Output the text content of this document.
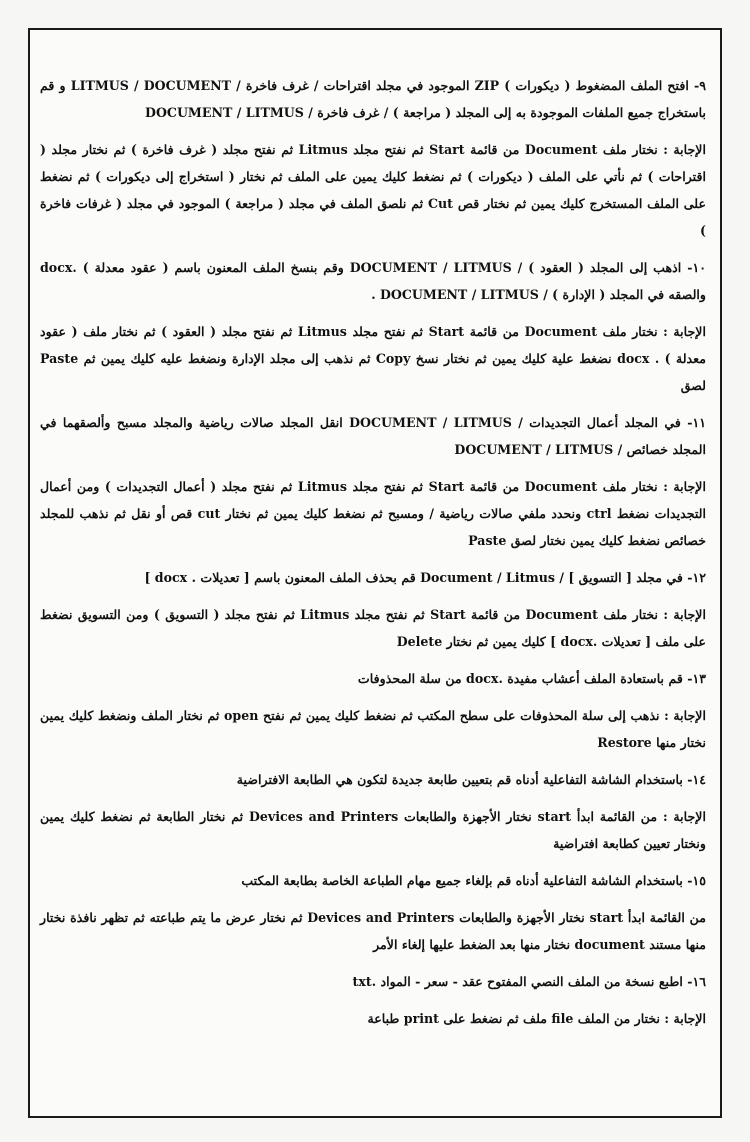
٩- افتح الملف المضغوط ( ديكورات ) ZIP الموجود في مجلد اقتراحات / غرف فاخرة / LITMUS / DOCUMENT و قم باستخراج جميع الملفات الموجودة به إلى المجلد ( مراجعة ) / غرف فاخرة / DOCUMENT / LITMUS
الإجابة : نختار ملف Document من قائمة Start ثم نفتح مجلد Litmus ثم نفتح مجلد ( غرف فاخرة ) ثم نختار مجلد ( اقتراحات ) ثم نأتي على الملف ( ديكورات ) ثم نضغط كليك يمين على الملف ثم نختار ( استخراج إلى ديكورات ) ثم نضغط على الملف المستخرج كليك يمين ثم نختار قص Cut ثم نلصق الملف في مجلد ( مراجعة ) الموجود في مجلد ( غرفات فاخرة )
١٠- اذهب إلى المجلد ( العقود ) / DOCUMENT / LITMUS وقم بنسخ الملف المعنون باسم ( عقود معدلة ) .docx والصقه في المجلد ( الإدارة ) / DOCUMENT / LITMUS .
الإجابة : نختار ملف Document من قائمة Start ثم نفتح مجلد Litmus ثم نفتح مجلد ( العقود ) ثم نختار ملف ( عقود معدلة ) . docx نضغط علية كليك يمين ثم نختار نسخ Copy ثم نذهب إلى مجلد الإدارة ونضغط عليه كليك يمين ثم Paste لصق
١١- في المجلد أعمال التجديدات / DOCUMENT / LITMUS انقل المجلد صالات رياضية والمجلد مسبح وألصقهما في المجلد خصائص / DOCUMENT / LITMUS
الإجابة : نختار ملف Document من قائمة Start ثم نفتح مجلد Litmus ثم نفتح مجلد ( أعمال التجديدات ) ومن أعمال التجديدات نضغط ctrl ونحدد ملفي صالات رياضية / ومسبح ثم نضغط كليك يمين ثم نختار cut قص أو نقل ثم نذهب للمجلد خصائص نضغط كليك يمين نختار لصق Paste
١٢- في مجلد [ التسويق ] / Document / Litmus قم بحذف الملف المعنون باسم [ تعديلات . docx ]
الإجابة : نختار ملف Document من قائمة Start ثم نفتح مجلد Litmus ثم نفتح مجلد ( التسويق ) ومن التسويق نضغط على ملف [ تعديلات .docx ] كليك يمين ثم نختار Delete
١٣- قم باستعادة الملف أعشاب مفيدة .docx من سلة المحذوفات
الإجابة : نذهب إلى سلة المحذوفات على سطح المكتب ثم نضغط كليك يمين ثم نفتح open ثم نختار الملف ونضغط كليك يمين نختار منها Restore
١٤- باستخدام الشاشة التفاعلية أدناه قم بتعيين طابعة جديدة لتكون هي الطابعة الافتراضية
الإجابة : من القائمة ابدأ start نختار الأجهزة والطابعات Devices and Printers ثم نختار الطابعة ثم نضغط كليك يمين ونختار تعيين كطابعة افتراضية
١٥- باستخدام الشاشة التفاعلية أدناه قم بإلغاء جميع مهام الطباعة الخاصة بطابعة المكتب
من القائمة ابدأ start نختار الأجهزة والطابعات Devices and Printers ثم نختار عرض ما يتم طباعته ثم تظهر نافذة نختار منها مستند document نختار منها بعد الضغط عليها إلغاء الأمر
١٦- اطبع نسخة من الملف النصي المفتوح عقد - سعر - المواد .txt
الإجابة : نختار من الملف file ملف ثم نضغط على print طباعة
